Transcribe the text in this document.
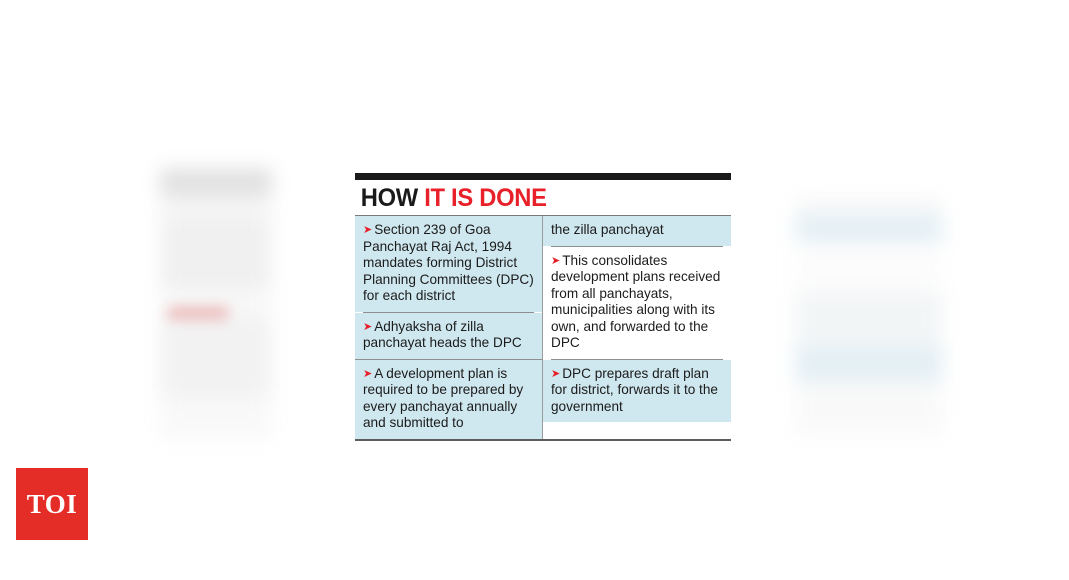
TOI
HOW IT IS DONE

➤ Section 239 of Goa Panchayat Raj Act, 1994 mandates forming District Planning Committees (DPC) for each district

➤ Adhyaksha of zilla panchayat heads the DPC

➤ A development plan is required to be prepared by every panchayat annually and submitted to

the zilla panchayat

➤ This consolidates development plans received from all panchayats, municipalities along with its own, and forwarded to the DPC

➤ DPC prepares draft plan for district, forwards it to the government
